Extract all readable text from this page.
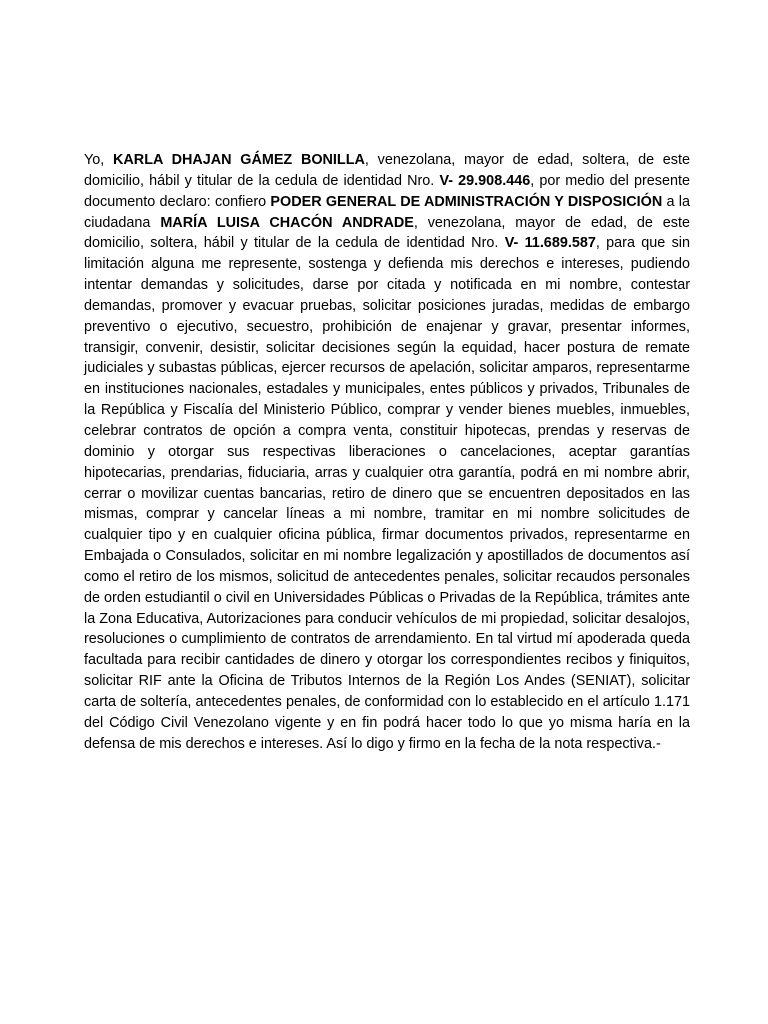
Yo, KARLA DHAJAN GÁMEZ BONILLA, venezolana, mayor de edad, soltera, de este domicilio, hábil y titular de la cedula de identidad Nro. V- 29.908.446, por medio del presente documento declaro: confiero PODER GENERAL DE ADMINISTRACIÓN Y DISPOSICIÓN a la ciudadana MARÍA LUISA CHACÓN ANDRADE, venezolana, mayor de edad, de este domicilio, soltera, hábil y titular de la cedula de identidad Nro. V- 11.689.587, para que sin limitación alguna me represente, sostenga y defienda mis derechos e intereses, pudiendo intentar demandas y solicitudes, darse por citada y notificada en mi nombre, contestar demandas, promover y evacuar pruebas, solicitar posiciones juradas, medidas de embargo preventivo o ejecutivo, secuestro, prohibición de enajenar y gravar, presentar informes, transigir, convenir, desistir, solicitar decisiones según la equidad, hacer postura de remate judiciales y subastas públicas, ejercer recursos de apelación, solicitar amparos, representarme en instituciones nacionales, estadales y municipales, entes públicos y privados, Tribunales de la República y Fiscalía del Ministerio Público, comprar y vender bienes muebles, inmuebles, celebrar contratos de opción a compra venta, constituir hipotecas, prendas y reservas de dominio y otorgar sus respectivas liberaciones o cancelaciones, aceptar garantías hipotecarias, prendarias, fiduciaria, arras y cualquier otra garantía, podrá en mi nombre abrir, cerrar o movilizar cuentas bancarias, retiro de dinero que se encuentren depositados en las mismas, comprar y cancelar líneas a mi nombre, tramitar en mi nombre solicitudes de cualquier tipo y en cualquier oficina pública, firmar documentos privados, representarme en Embajada o Consulados, solicitar en mi nombre legalización y apostillados de documentos así como el retiro de los mismos, solicitud de antecedentes penales, solicitar recaudos personales de orden estudiantil o civil en Universidades Públicas o Privadas de la República, trámites ante la Zona Educativa, Autorizaciones para conducir vehículos de mi propiedad, solicitar desalojos, resoluciones o cumplimiento de contratos de arrendamiento. En tal virtud mí apoderada queda facultada para recibir cantidades de dinero y otorgar los correspondientes recibos y finiquitos, solicitar RIF ante la Oficina de Tributos Internos de la Región Los Andes (SENIAT), solicitar carta de soltería, antecedentes penales, de conformidad con lo establecido en el artículo 1.171 del Código Civil Venezolano vigente y en fin podrá hacer todo lo que yo misma haría en la defensa de mis derechos e intereses. Así lo digo y firmo en la fecha de la nota respectiva.-
